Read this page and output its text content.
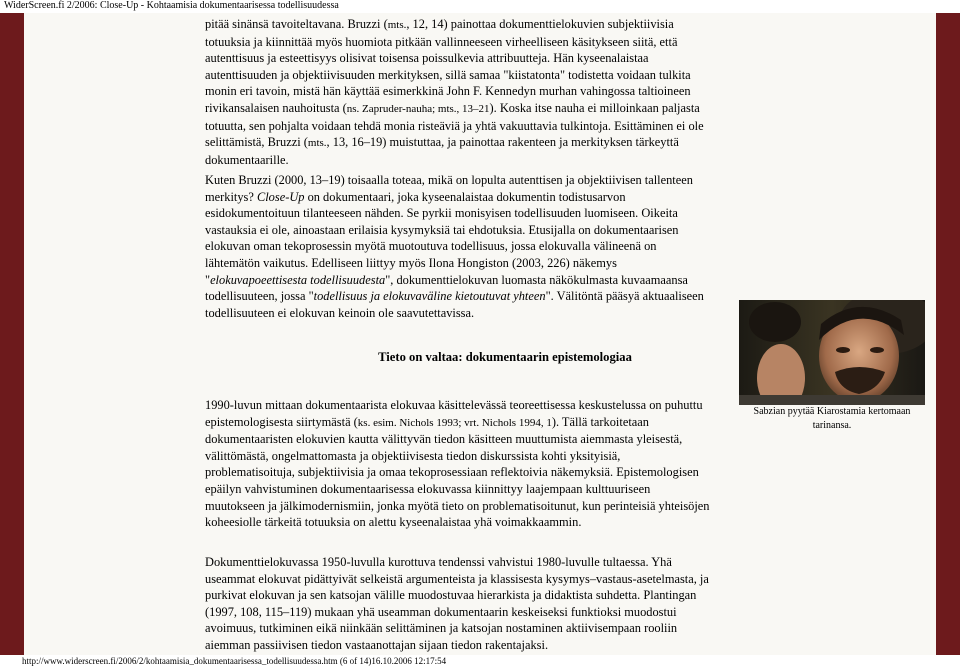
WiderScreen.fi 2/2006: Close-Up - Kohtaamisia dokumentaarisessa todellisuudessa

pitää sinänsä tavoiteltavana. Bruzzi (mts., 12, 14) painottaa dokumenttielokuvien subjektiivisia totuuksia ja kiinnittää myös huomiota pitkään vallinneeseen virheelliseen käsitykseen siitä, että autenttisuus ja esteettisyys olisivat toisensa poissulkevia attribuutteja. Hän kyseenalaistaa autenttisuuden ja objektiivisuuden merkityksen, sillä samaa "kiistatonta" todistetta voidaan tulkita monin eri tavoin, mistä hän käyttää esimerkkinä John F. Kennedyn murhan vahingossa taltioineen rivikansalaisen nauhoitusta (ns. Zapruder-nauha; mts., 13–21). Koska itse nauha ei milloinkaan paljasta totuutta, sen pohjalta voidaan tehdä monia risteäviä ja yhtä vakuuttavia tulkintoja. Esittäminen ei ole selittämistä, Bruzzi (mts., 13, 16–19) muistuttaa, ja painottaa rakenteen ja merkityksen tärkeyttä dokumentaarille.

Kuten Bruzzi (2000, 13–19) toisaalla toteaa, mikä on lopulta autenttisen ja objektiivisen tallenteen merkitys? Close-Up on dokumentaari, joka kyseenalaistaa dokumentin todistusarvon esidokumentoituun tilanteeseen nähden. Se pyrkii monisyisen todellisuuden luomiseen. Oikeita vastauksia ei ole, ainoastaan erilaisia kysymyksiä tai ehdotuksia. Etusijalla on dokumentaarisen elokuvan oman tekoprosessin myötä muotoutuva todellisuus, jossa elokuvalla välineenä on lähtemätön vaikutus. Edelliseen liittyy myös Ilona Hongiston (2003, 226) näkemys "elokuvapoeettisesta todellisuudesta", dokumenttielokuvan luomasta näkökulmasta kuvaamaansa todellisuuteen, jossa "todellisuus ja elokuvaväline kietoutuvat yhteen". Välitöntä pääsyä aktuaaliseen todellisuuteen ei elokuvan keinoin ole saavutettavissa.

Tieto on valtaa: dokumentaarin epistemologiaa

1990-luvun mittaan dokumentaarista elokuvaa käsittelevässä teoreettisessa keskustelussa on puhuttu epistemologisesta siirtymästä (ks. esim. Nichols 1993; vrt. Nichols 1994, 1). Tällä tarkoitetaan dokumentaaristen elokuvien kautta välittyvän tiedon käsitteen muuttumista aiemmasta yleisestä, välittömästä, ongelmattomasta ja objektiivisesta tiedon diskurssista kohti yksityisiä, problematisoituja, subjektiivisia ja omaa tekoprosessiaan reflektoivia näkemyksiä. Epistemologisen epäilyn vahvistuminen dokumentaarisessa elokuvassa kiinnittyy laajempaan kulttuuriseen muutokseen ja jälkimodernismiin, jonka myötä tieto on problematisoitunut, kun perinteisiä yhteisöjen koheesiolle tärkeitä totuuksia on alettu kyseenalaistaa yhä voimakkaammin.

Dokumenttielokuvassa 1950-luvulla kurottuva tendenssi vahvistui 1980-luvulle tultaessa. Yhä useammat elokuvat pidättyivät selkeistä argumenteista ja klassisesta kysymys–vastaus-asetelmasta, ja purkivat elokuvan ja sen katsojan välille muodostuvaa hierarkista ja didaktista suhdetta. Plantingan (1997, 108, 115–119) mukaan yhä useamman dokumentaarin keskeiseksi funktioksi muodostui avoimuus, tutkiminen eikä niinkään selittäminen ja katsojan nostaminen aktiivisempaan rooliin aiemman passiivisen tiedon vastaanottajan sijaan tiedon rakentajaksi.

Sabzian pyytää Kiarostamia kertomaan tarinansa.
http://www.widerscreen.fi/2006/2/kohtaamisia_dokumentaarisessa_todellisuudessa.htm (6 of 14)16.10.2006 12:17:54
